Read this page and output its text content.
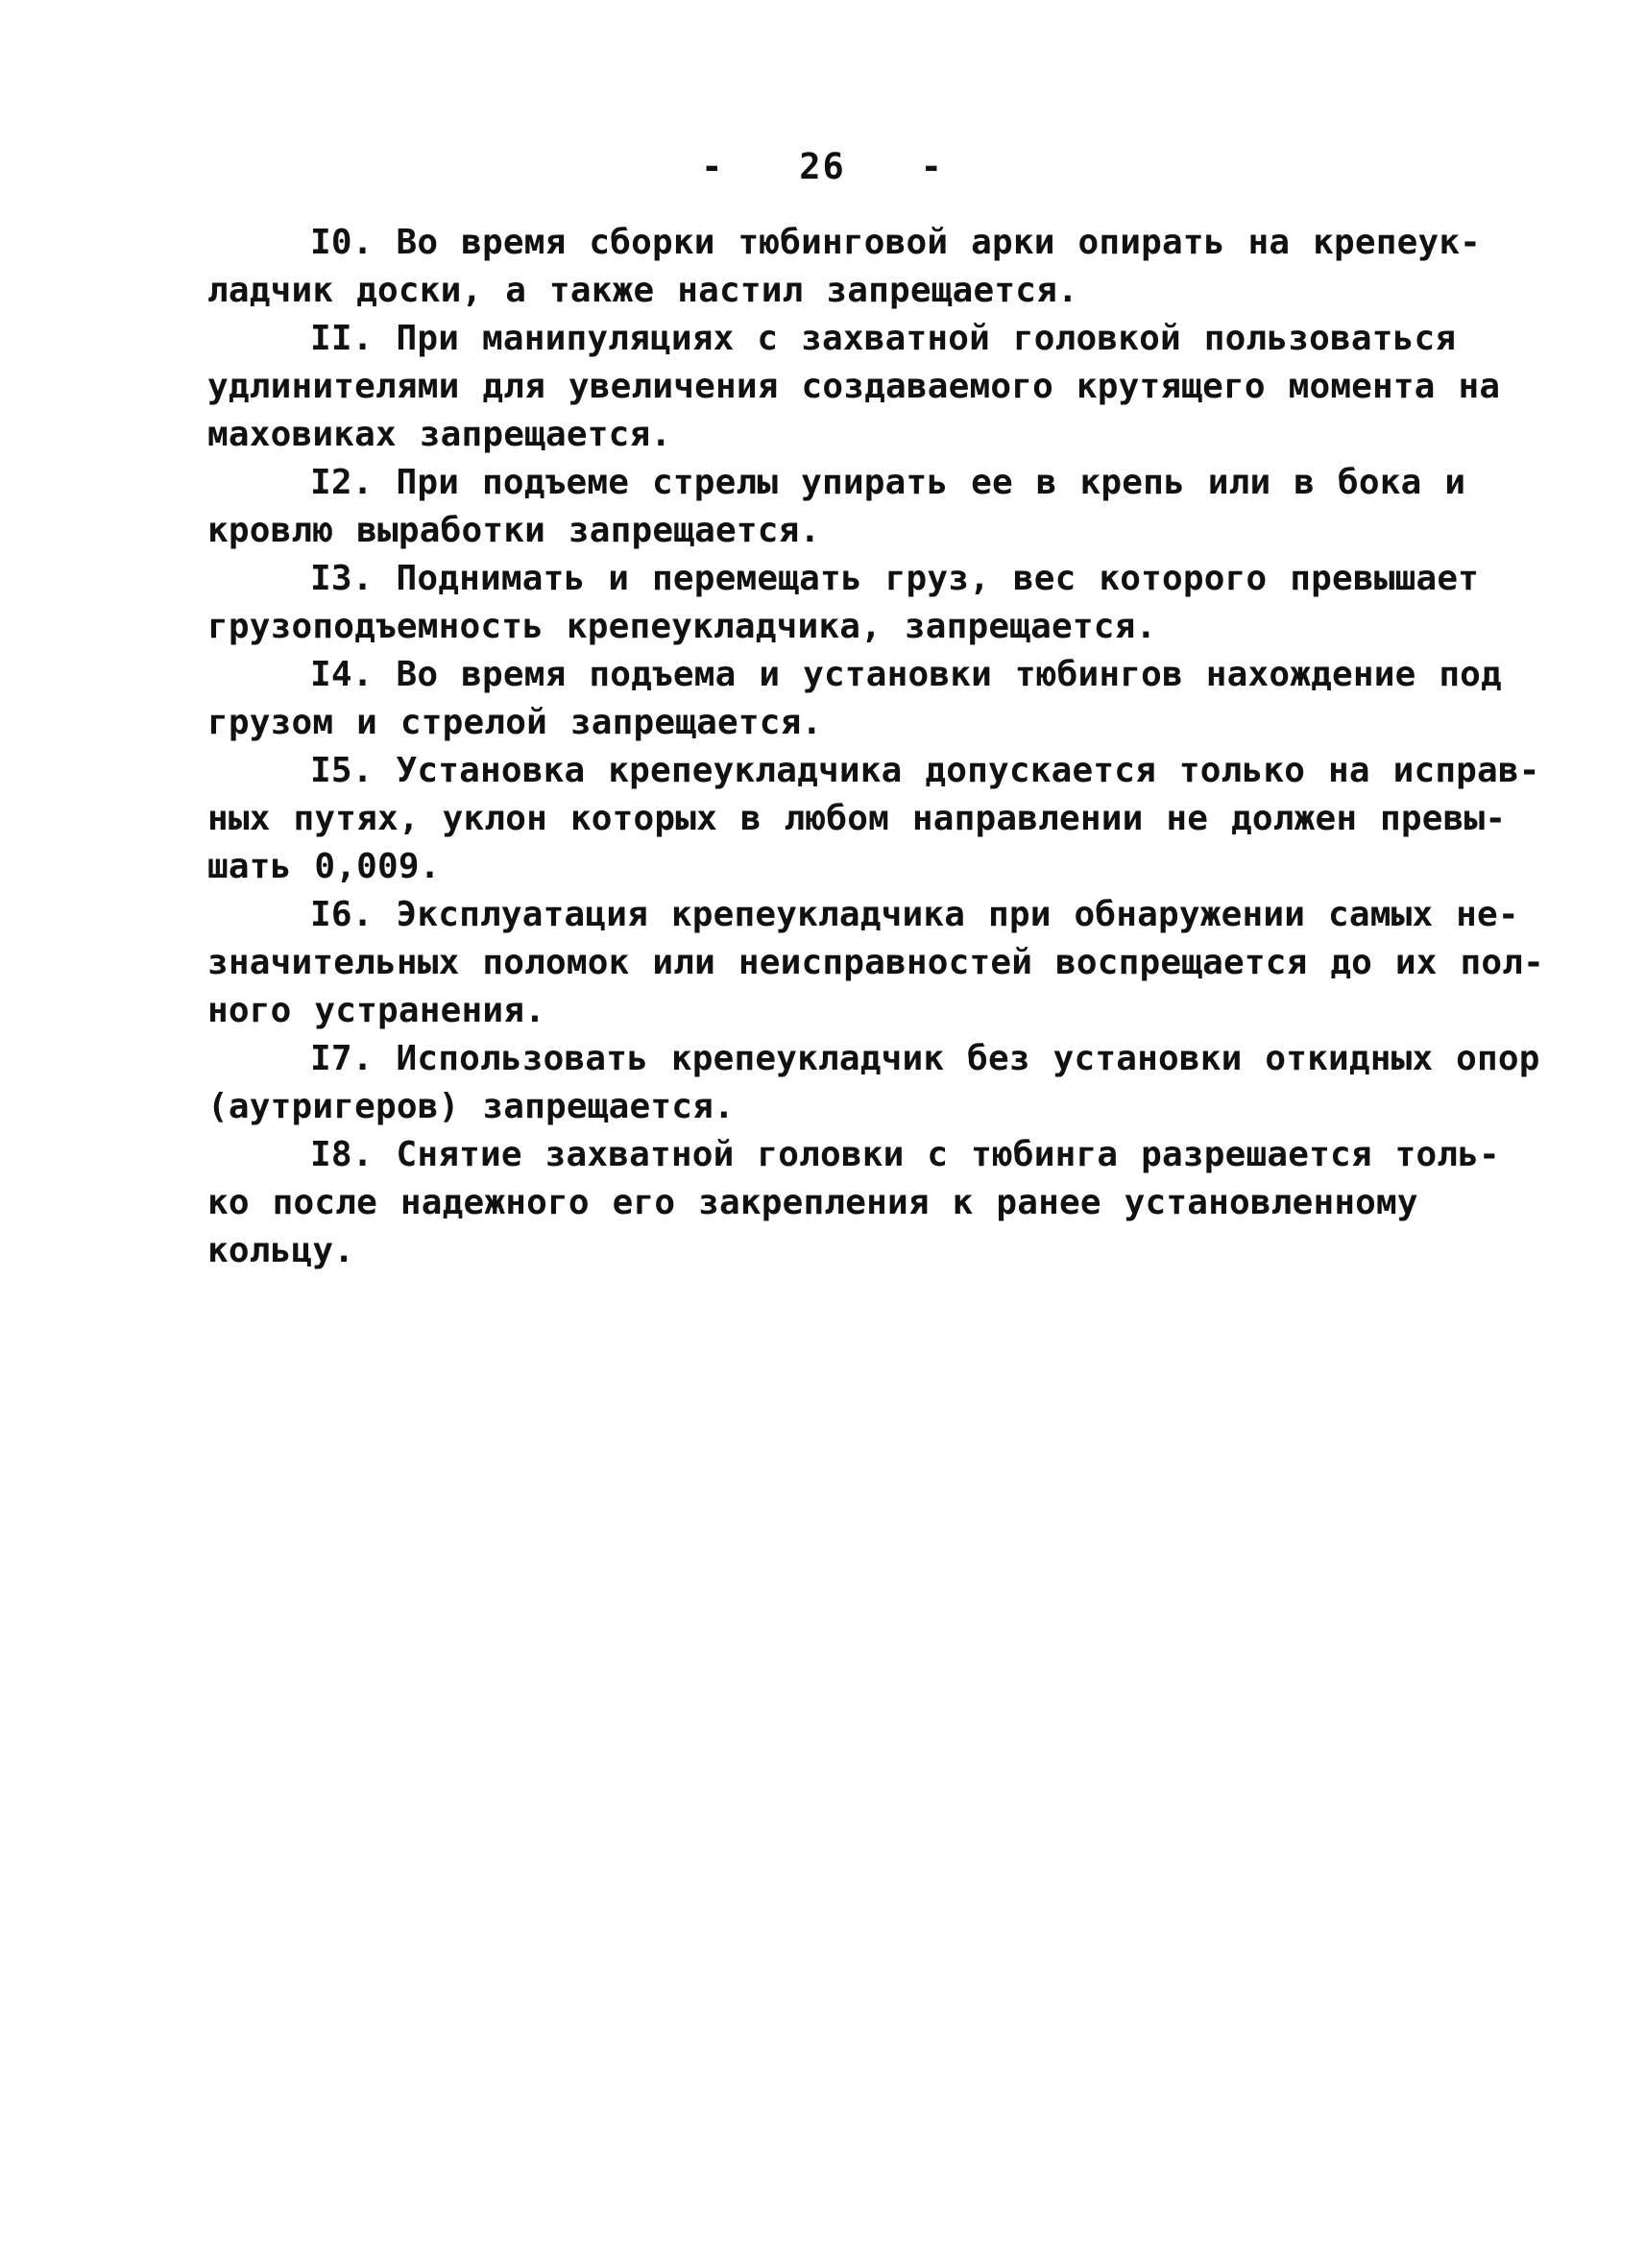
- 26 -

I0. Во время сборки тюбинговой арки опирать на крепеук-
ладчик доски, а также настил запрещается.

II. При манипуляциях с захватной головкой пользоваться
удлинителями для увеличения создаваемого крутящего момента на
маховиках запрещается.

I2. При подъеме стрелы упирать ее в крепь или в бока и
кровлю выработки запрещается.

I3. Поднимать и перемещать груз, вес которого превышает
грузоподъемность крепеукладчика, запрещается.

I4. Во время подъема и установки тюбингов нахождение под
грузом и стрелой запрещается.

I5. Установка крепеукладчика допускается только на исправ-
ных путях, уклон которых в любом направлении не должен превы-
шать 0,009.

I6. Эксплуатация крепеукладчика при обнаружении самых не-
значительных поломок или неисправностей воспрещается до их пол-
ного устранения.

I7. Использовать крепеукладчик без установки откидных опор
(аутригеров) запрещается.

I8. Снятие захватной головки с тюбинга разрешается толь-
ко после надежного его закрепления к ранее установленному
кольцу.
